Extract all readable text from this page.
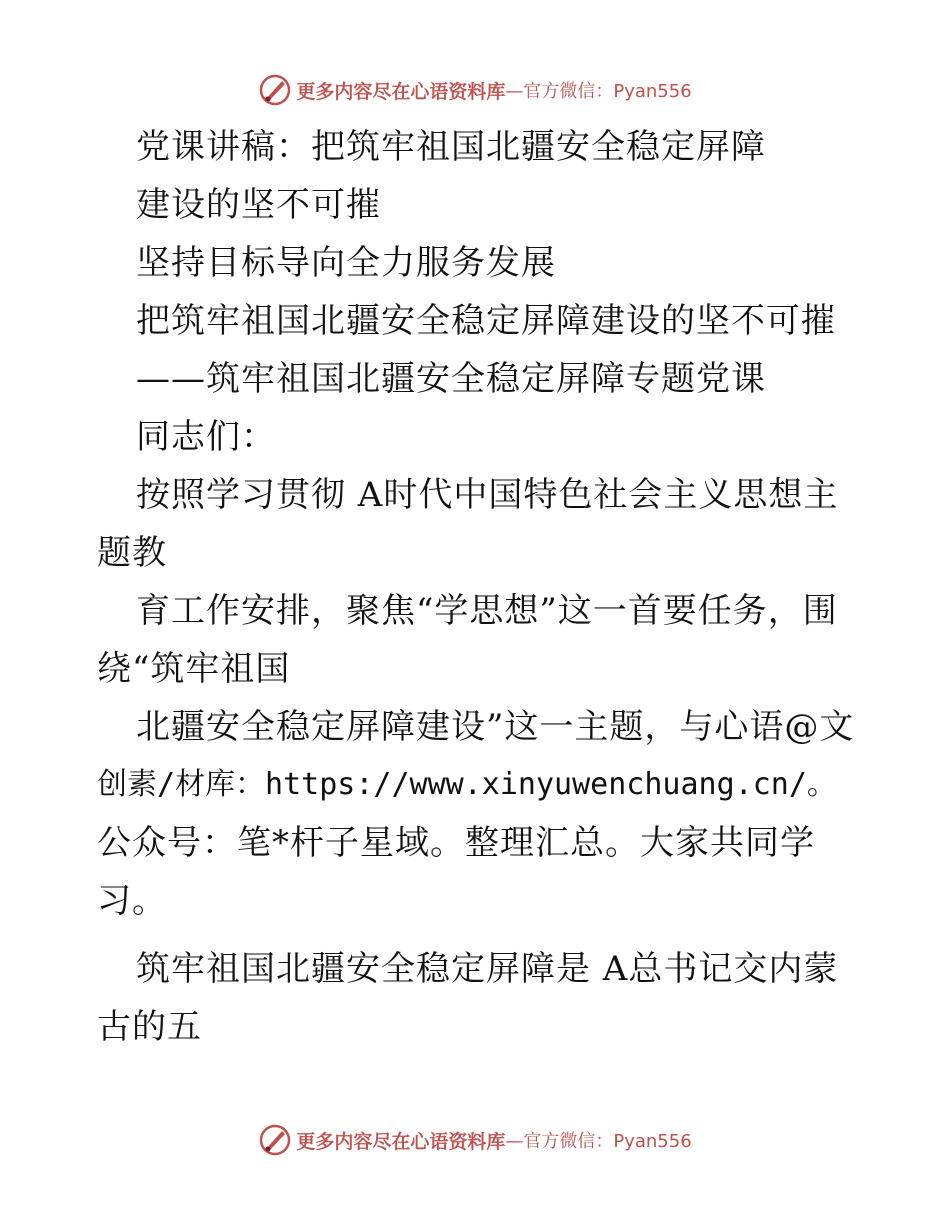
更多内容尽在心语资料库 —官方微信：Pyan556
党课讲稿：把筑牢祖国北疆安全稳定屏障
建设的坚不可摧
坚持目标导向全力服务发展
把筑牢祖国北疆安全稳定屏障建设的坚不可摧
——筑牢祖国北疆安全稳定屏障专题党课
同志们：
按照学习贯彻 A时代中国特色社会主义思想主
题教
育工作安排，聚焦“学思想”这一首要任务，围
绕“筑牢祖国
北疆安全稳定屏障建设”这一主题，与心语@文
创素/材库：https://www.xinyuwenchuang.cn/。
公众号：笔*杆子星域。整理汇总。大家共同学
习。
筑牢祖国北疆安全稳定屏障是 A总书记交内蒙
古的五
更多内容尽在心语资料库 —官方微信：Pyan556
